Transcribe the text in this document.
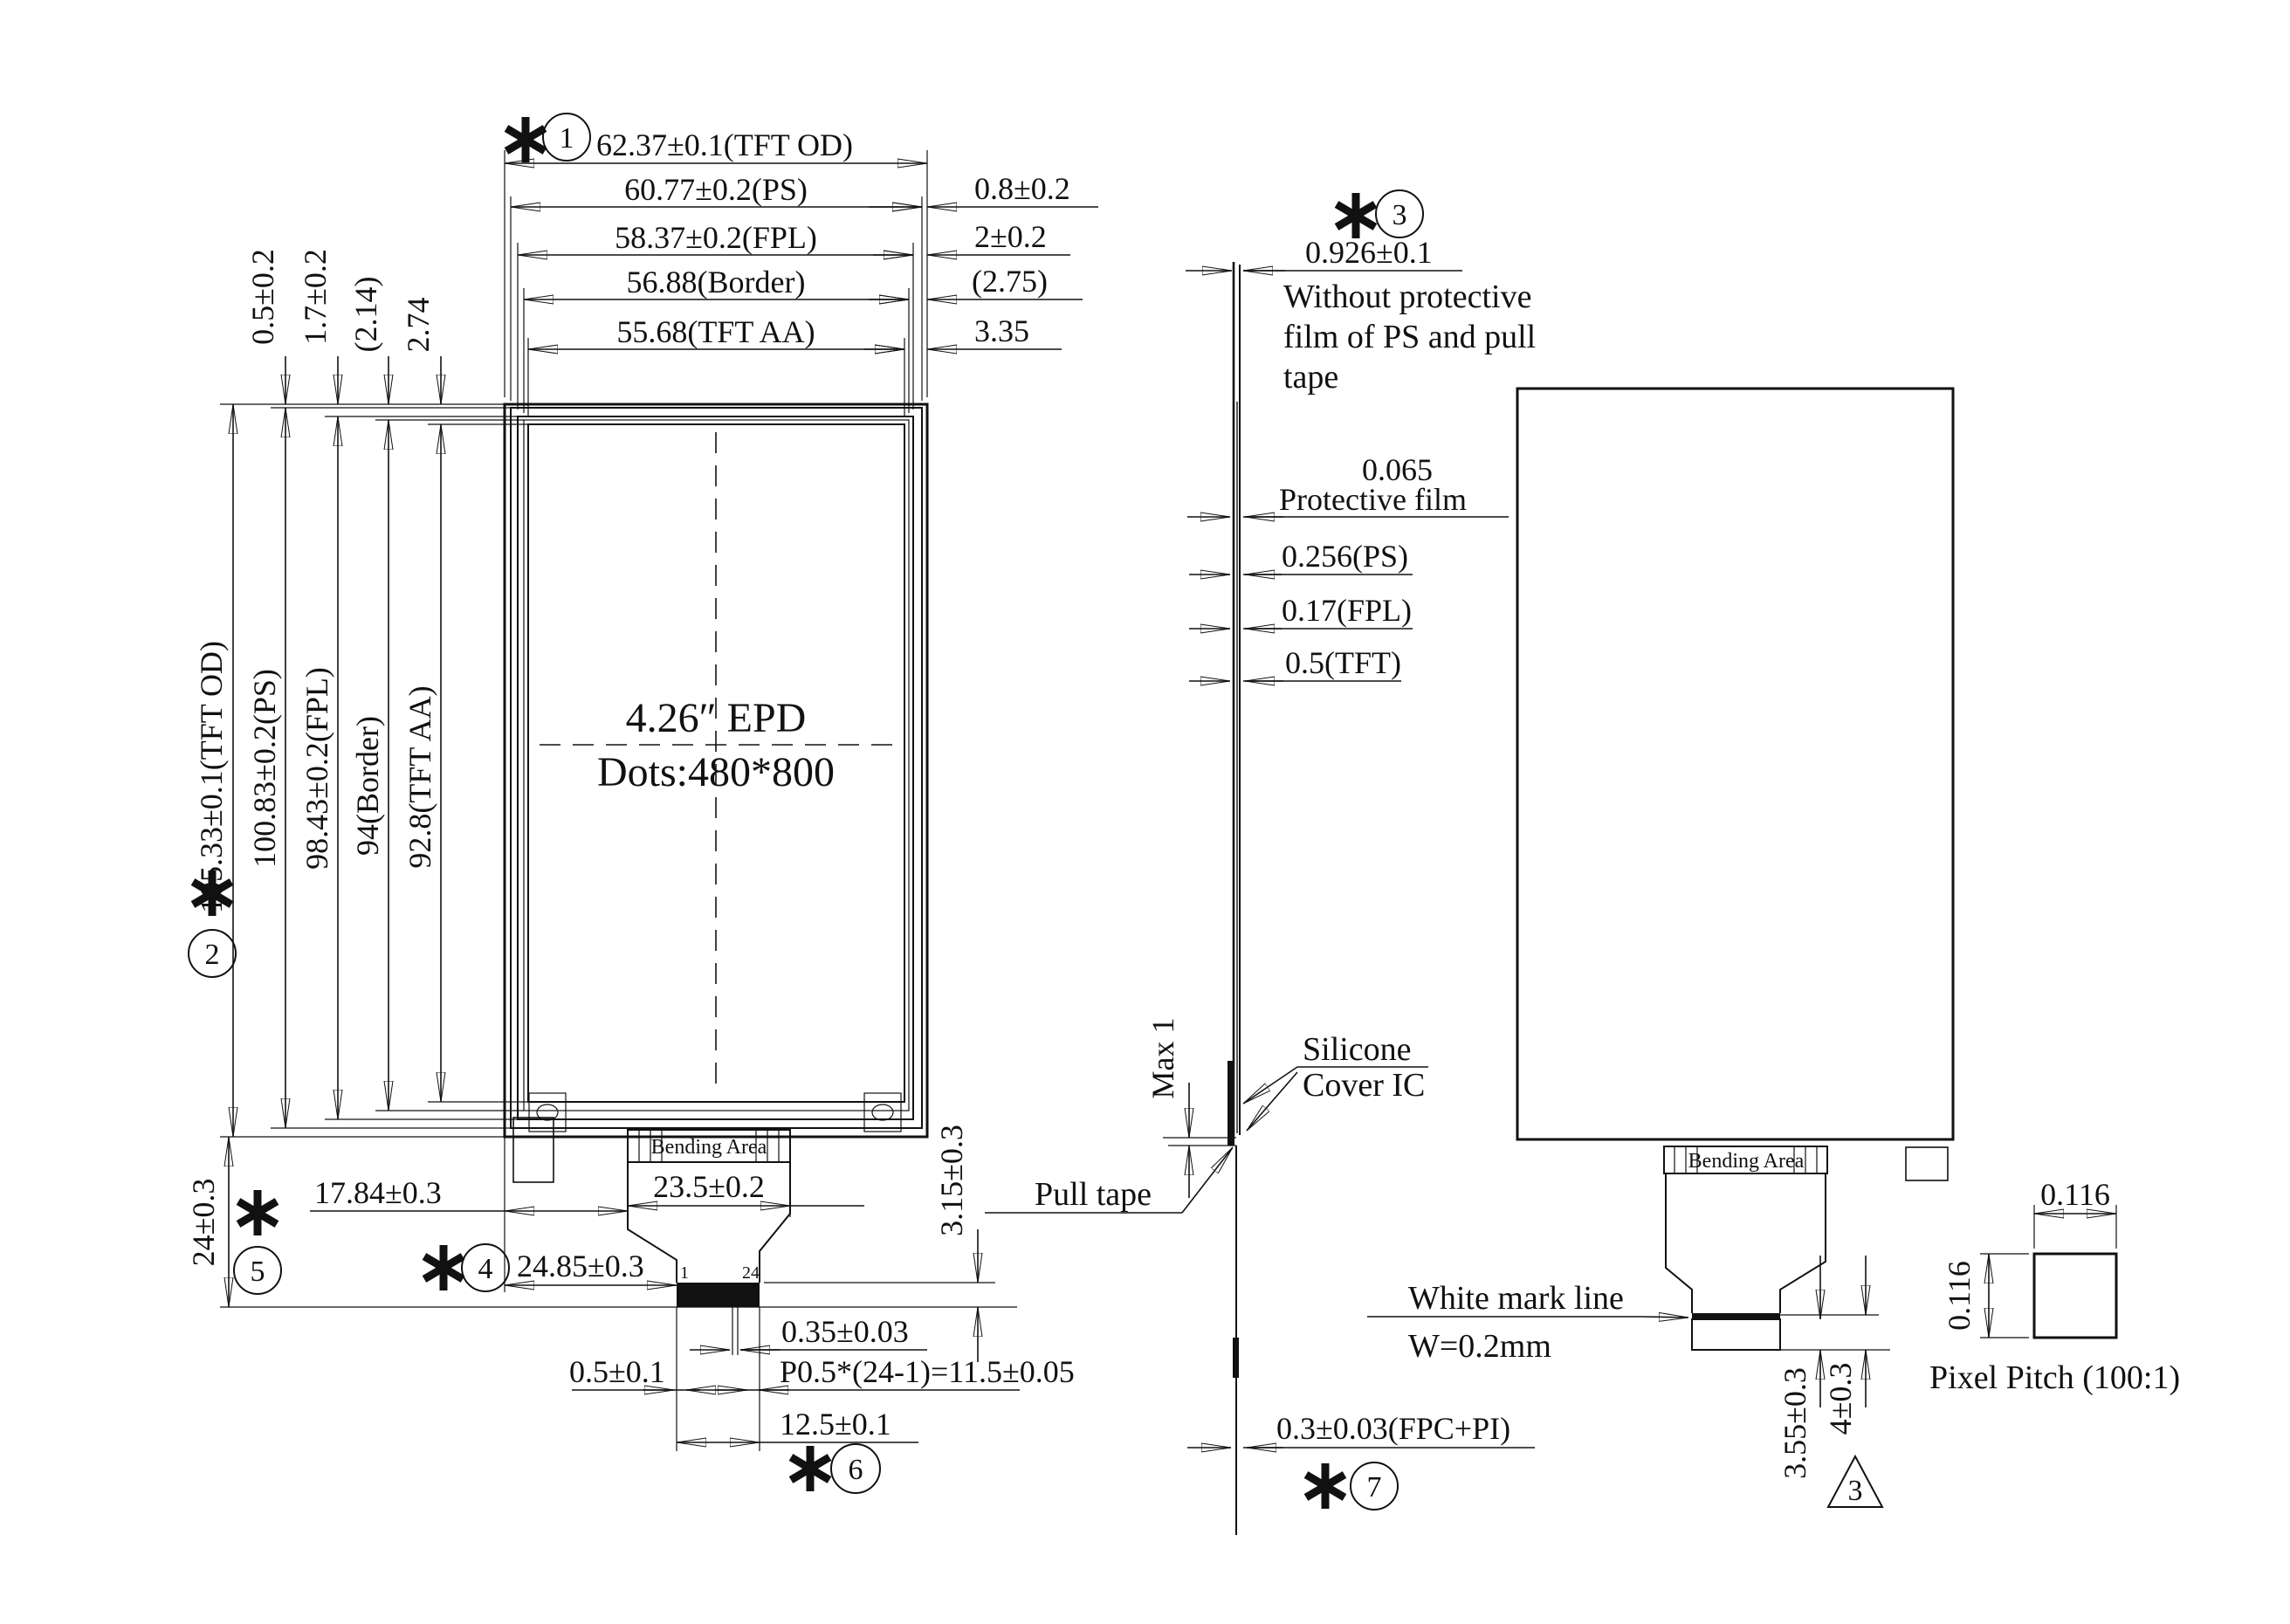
4.26″ EPD
Dots:480*800
62.37±0.1(TFT OD)
60.77±0.2(PS)
58.37±0.2(FPL)
56.88(Border)
55.68(TFT AA)
0.8±0.2
2±0.2
(2.75)
3.35
1
105.33±0.1(TFT OD) 100.83±0.2(PS) 98.43±0.2(FPL) 94(Border) 92.8(TFT AA)
0.5±0.2 1.7±0.2 (2.14) 2.74
2
Bending Area
1	24
24±0.3
5
17.84±0.3	23.5±0.2
24.85±0.3
4
3.15±0.3
0.35±0.03
0.5±0.1	P0.5*(24-1)=11.5±0.05
12.5±0.1
6
0.926±0.1
3
Without protective
film of PS and pull
tape
0.065
Protective film
0.256(PS)
0.17(FPL)
0.5(TFT)
Max 1	Silicone
Cover IC
Pull tape
0.3±0.03(FPC+PI)
7
Bending Area
White mark line
W=0.2mm
3.55±0.3 4±0.3
3
0.116
0.116
Pixel Pitch (100:1)
